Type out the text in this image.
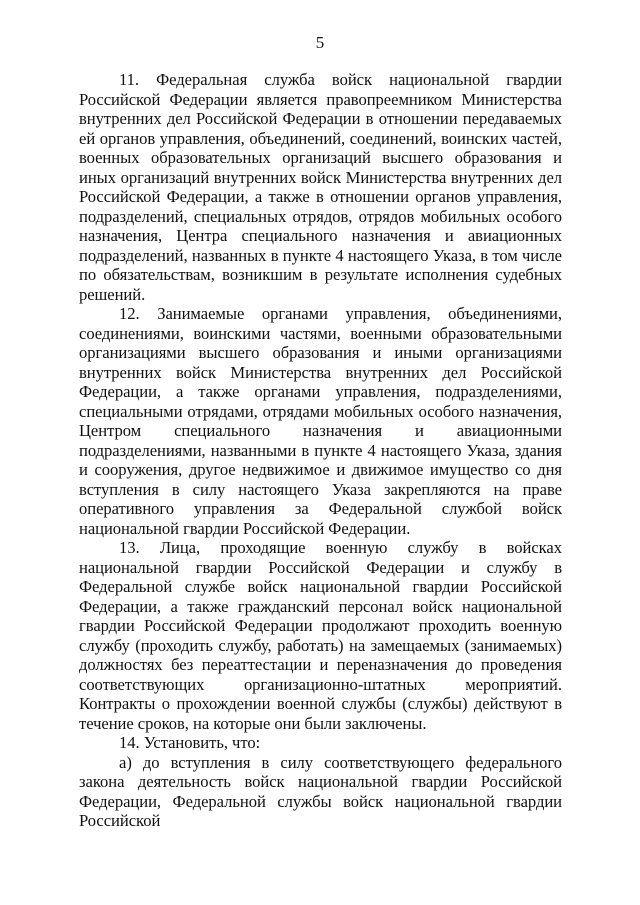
5

11. Федеральная служба войск национальной гвардии Российской Федерации является правопреемником Министерства внутренних дел Российской Федерации в отношении передаваемых ей органов управления, объединений, соединений, воинских частей, военных образовательных организаций высшего образования и иных организаций внутренних войск Министерства внутренних дел Российской Федерации, а также в отношении органов управления, подразделений, специальных отрядов, отрядов мобильных особого назначения, Центра специального назначения и авиационных подразделений, названных в пункте 4 настоящего Указа, в том числе по обязательствам, возникшим в результате исполнения судебных решений.

12. Занимаемые органами управления, объединениями, соединениями, воинскими частями, военными образовательными организациями высшего образования и иными организациями внутренних войск Министерства внутренних дел Российской Федерации, а также органами управления, подразделениями, специальными отрядами, отрядами мобильных особого назначения, Центром специального назначения и авиационными подразделениями, названными в пункте 4 настоящего Указа, здания и сооружения, другое недвижимое и движимое имущество со дня вступления в силу настоящего Указа закрепляются на праве оперативного управления за Федеральной службой войск национальной гвардии Российской Федерации.

13. Лица, проходящие военную службу в войсках национальной гвардии Российской Федерации и службу в Федеральной службе войск национальной гвардии Российской Федерации, а также гражданский персонал войск национальной гвардии Российской Федерации продолжают проходить военную службу (проходить службу, работать) на замещаемых (занимаемых) должностях без переаттестации и переназначения до проведения соответствующих организационно-штатных мероприятий. Контракты о прохождении военной службы (службы) действуют в течение сроков, на которые они были заключены.

14. Установить, что:

а) до вступления в силу соответствующего федерального закона деятельность войск национальной гвардии Российской Федерации, Федеральной службы войск национальной гвардии Российской
